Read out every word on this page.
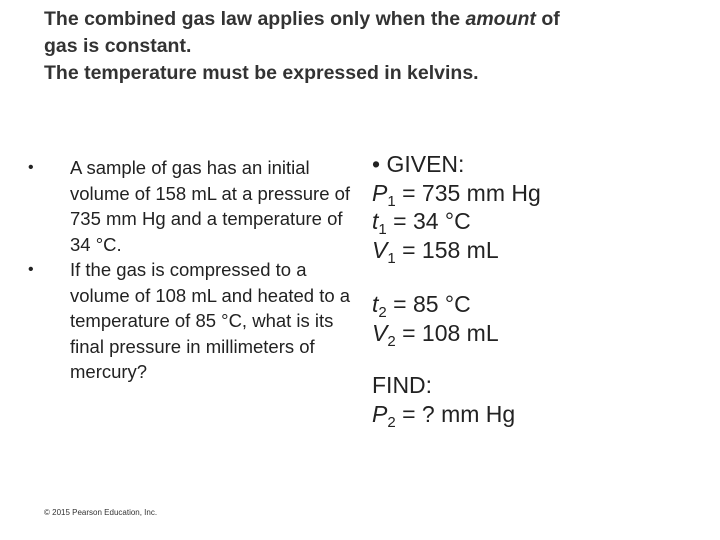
The combined gas law applies only when the amount of
gas is constant.
The temperature must be expressed in kelvins.
•	A sample of gas has an initial volume of 158 mL at a pressure of 735 mm Hg and a temperature of 34 °C.
•	If the gas is compressed to a volume of 108 mL and heated to a temperature of 85 °C, what is its final pressure in millimeters of mercury?
• GIVEN:
$P_1 = 735$ mm Hg
$t_1 = 34$ °C
$V_1 = 158$ mL
$t_2 = 85$ °C
$V_2 = 108$ mL
FIND:
$P_2$ = ? mm Hg
© 2015 Pearson Education, Inc.
